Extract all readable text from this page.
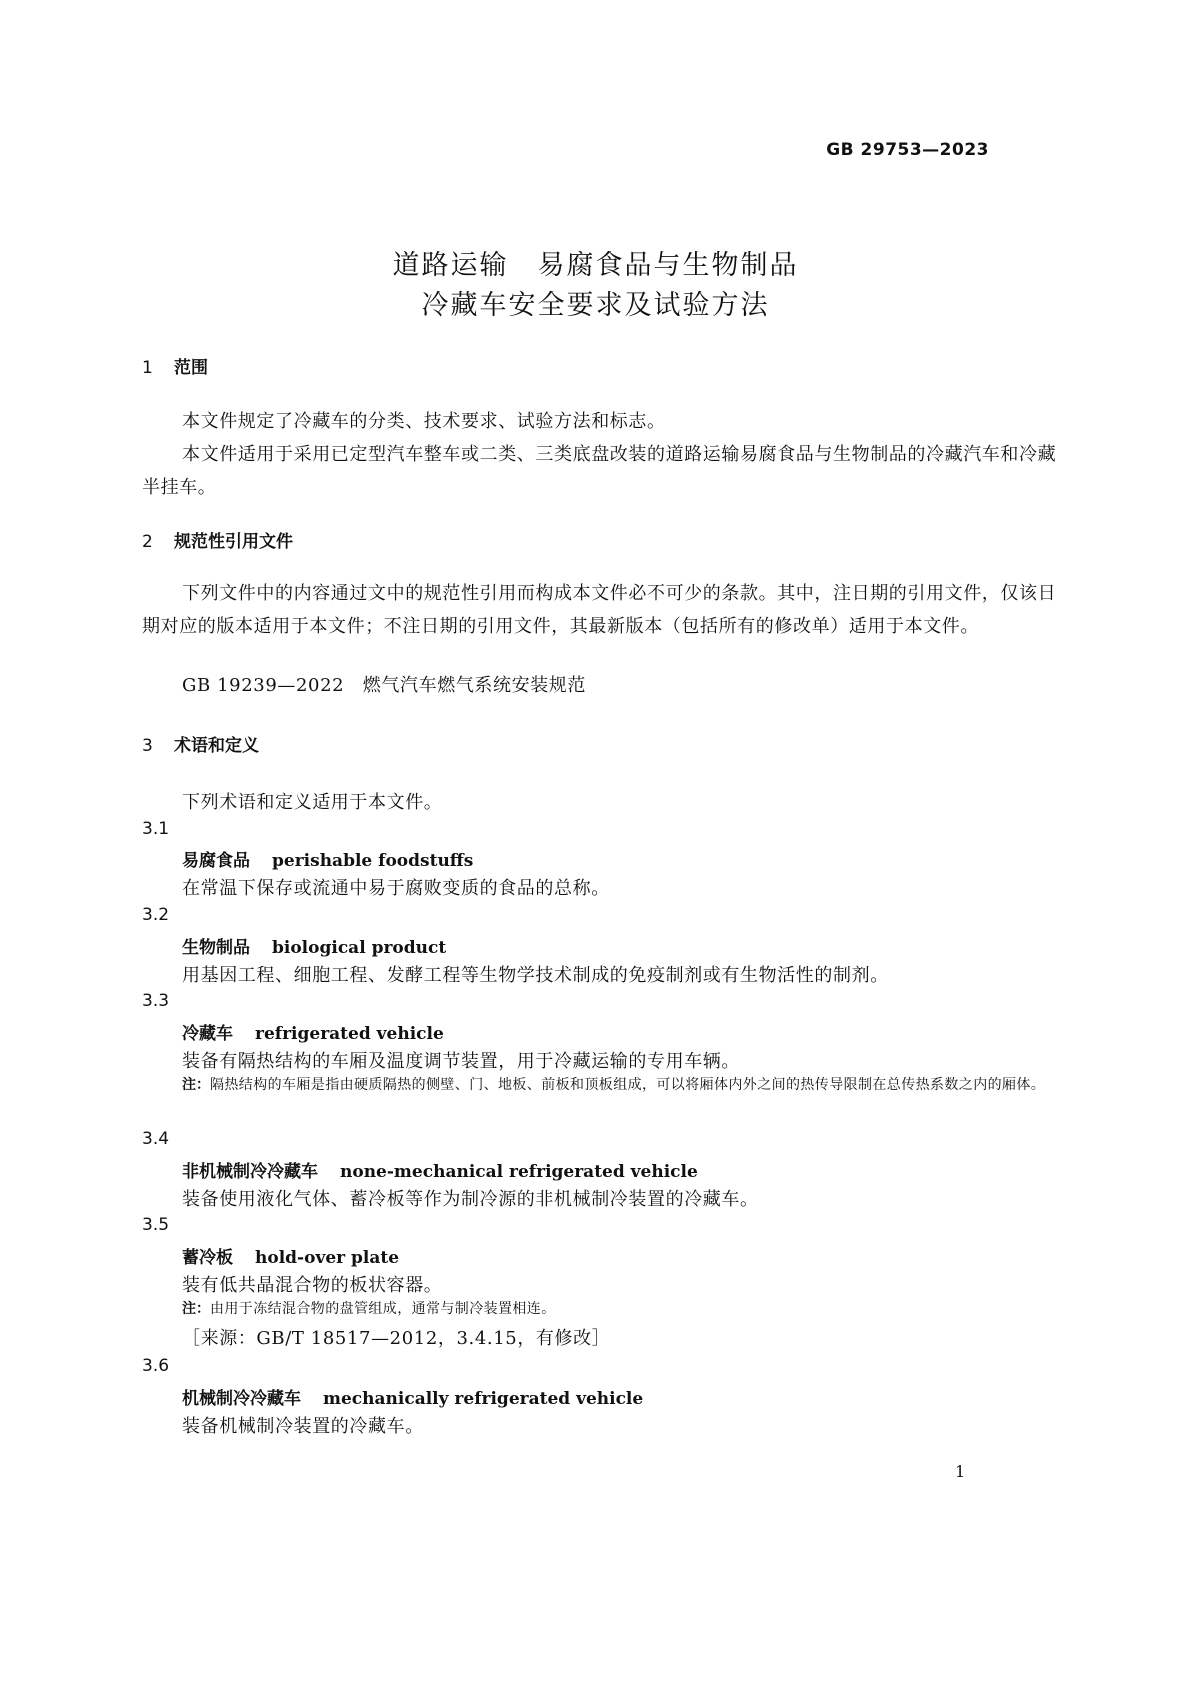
GB 29753—2023
道路运输　易腐食品与生物制品
冷藏车安全要求及试验方法
1 范围

本文件规定了冷藏车的分类、技术要求、试验方法和标志。

本文件适用于采用已定型汽车整车或二类、三类底盘改装的道路运输易腐食品与生物制品的冷藏汽车和冷藏半挂车。

2 规范性引用文件

下列文件中的内容通过文中的规范性引用而构成本文件必不可少的条款。其中，注日期的引用文件，仅该日期对应的版本适用于本文件；不注日期的引用文件，其最新版本（包括所有的修改单）适用于本文件。

GB 19239—2022　燃气汽车燃气系统安装规范
3 术语和定义
下列术语和定义适用于本文件。
3.1
易腐食品 perishable foodstuffs
在常温下保存或流通中易于腐败变质的食品的总称。
3.2
生物制品 biological product
用基因工程、细胞工程、发酵工程等生物学技术制成的免疫制剂或有生物活性的制剂。
3.3
冷藏车 refrigerated vehicle
装备有隔热结构的车厢及温度调节装置，用于冷藏运输的专用车辆。
注：隔热结构的车厢是指由硬质隔热的侧壁、门、地板、前板和顶板组成，可以将厢体内外之间的热传导限制在总传热系数之内的厢体。
3.4
非机械制冷冷藏车 none-mechanical refrigerated vehicle
装备使用液化气体、蓄冷板等作为制冷源的非机械制冷装置的冷藏车。
3.5
蓄冷板 hold-over plate
装有低共晶混合物的板状容器。
注：由用于冻结混合物的盘管组成，通常与制冷装置相连。
［来源：GB/T 18517—2012，3.4.15，有修改］
3.6
机械制冷冷藏车 mechanically refrigerated vehicle
装备机械制冷装置的冷藏车。
1
